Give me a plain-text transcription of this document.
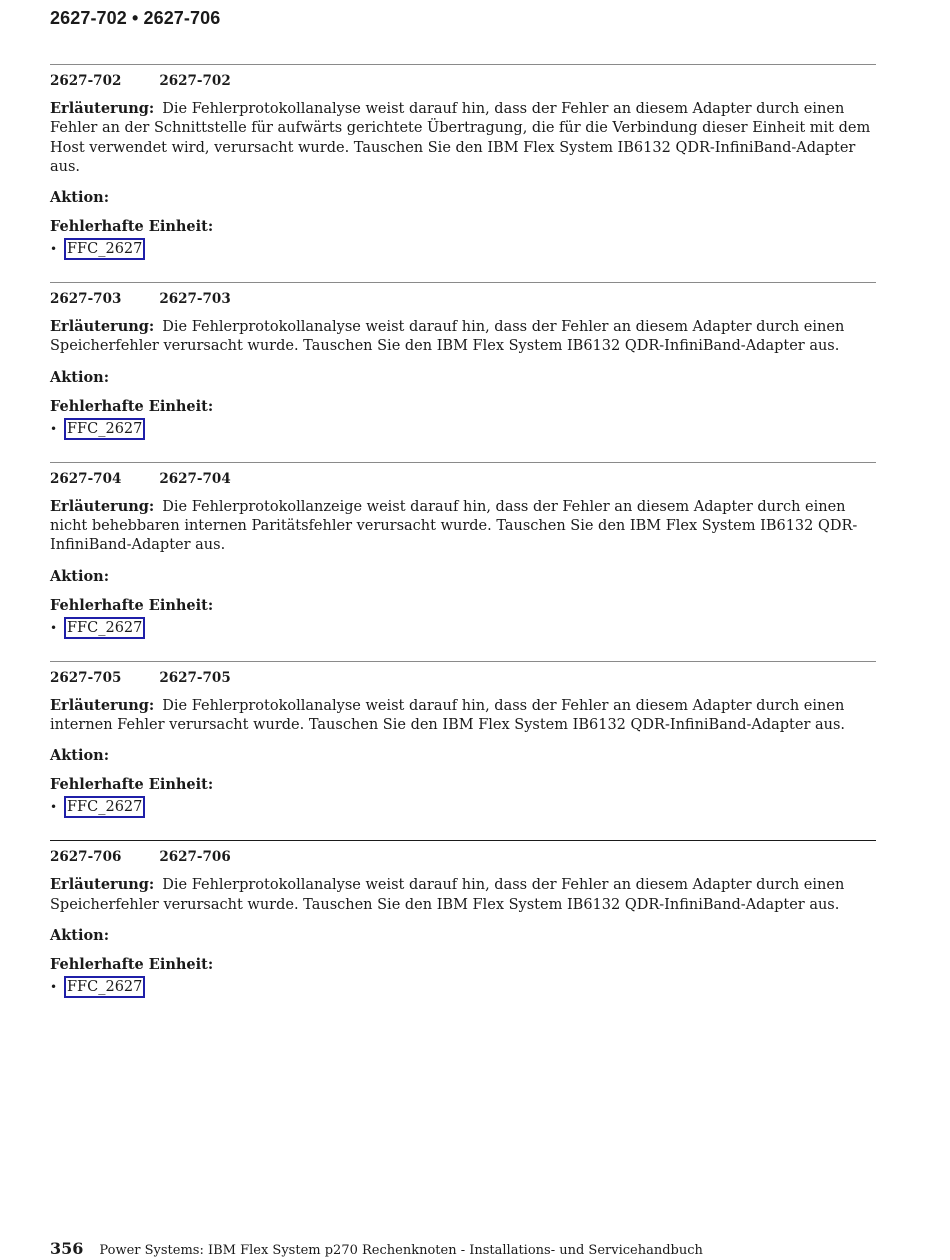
2627-702 • 2627-706
2627-702	2627-702

Erläuterung: Die Fehlerprotokollanalyse weist darauf hin, dass der Fehler an diesem Adapter durch einen Fehler an der Schnittstelle für aufwärts gerichtete Übertragung, die für die Verbindung dieser Einheit mit dem Host verwendet wird, verursacht wurde. Tauschen Sie den IBM Flex System IB6132 QDR-InfiniBand-Adapter aus.

Aktion:

Fehlerhafte Einheit:

• FFC_2627
2627-703	2627-703

Erläuterung: Die Fehlerprotokollanalyse weist darauf hin, dass der Fehler an diesem Adapter durch einen Speicherfehler verursacht wurde. Tauschen Sie den IBM Flex System IB6132 QDR-InfiniBand-Adapter aus.

Aktion:

Fehlerhafte Einheit:

• FFC_2627
2627-704	2627-704

Erläuterung: Die Fehlerprotokollanzeige weist darauf hin, dass der Fehler an diesem Adapter durch einen nicht behebbaren internen Paritätsfehler verursacht wurde. Tauschen Sie den IBM Flex System IB6132 QDR-InfiniBand-Adapter aus.

Aktion:

Fehlerhafte Einheit:

• FFC_2627
2627-705	2627-705

Erläuterung: Die Fehlerprotokollanalyse weist darauf hin, dass der Fehler an diesem Adapter durch einen internen Fehler verursacht wurde. Tauschen Sie den IBM Flex System IB6132 QDR-InfiniBand-Adapter aus.

Aktion:

Fehlerhafte Einheit:

• FFC_2627
2627-706	2627-706

Erläuterung: Die Fehlerprotokollanalyse weist darauf hin, dass der Fehler an diesem Adapter durch einen Speicherfehler verursacht wurde. Tauschen Sie den IBM Flex System IB6132 QDR-InfiniBand-Adapter aus.

Aktion:

Fehlerhafte Einheit:

• FFC_2627
356 Power Systems: IBM Flex System p270 Rechenknoten - Installations- und Servicehandbuch
